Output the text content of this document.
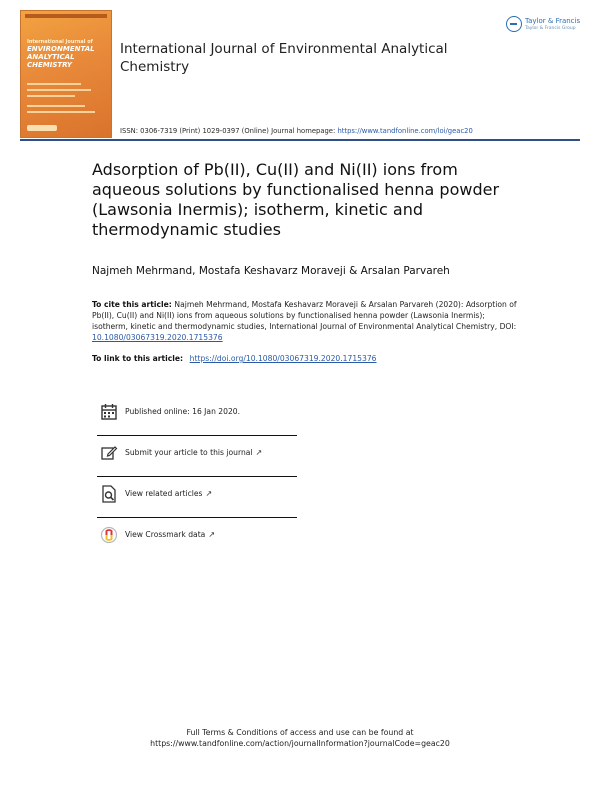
International Journal of
ENVIRONMENTAL
ANALYTICAL
CHEMISTRY
Taylor & Francis
Taylor & Francis Group
International Journal of Environmental Analytical Chemistry
ISSN: 0306-7319 (Print) 1029-0397 (Online) Journal homepage: https://www.tandfonline.com/loi/geac20
Adsorption of Pb(II), Cu(II) and Ni(II) ions from aqueous solutions by functionalised henna powder (Lawsonia Inermis); isotherm, kinetic and thermodynamic studies
Najmeh Mehrmand, Mostafa Keshavarz Moraveji & Arsalan Parvareh
To cite this article: Najmeh Mehrmand, Mostafa Keshavarz Moraveji & Arsalan Parvareh (2020): Adsorption of Pb(II), Cu(II) and Ni(II) ions from aqueous solutions by functionalised henna powder (Lawsonia Inermis); isotherm, kinetic and thermodynamic studies, International Journal of Environmental Analytical Chemistry, DOI: 10.1080/03067319.2020.1715376
To link to this article: https://doi.org/10.1080/03067319.2020.1715376
Published online: 16 Jan 2020.
Submit your article to this journal ↗
View related articles ↗
View Crossmark data ↗
Full Terms & Conditions of access and use can be found at
https://www.tandfonline.com/action/journalInformation?journalCode=geac20
